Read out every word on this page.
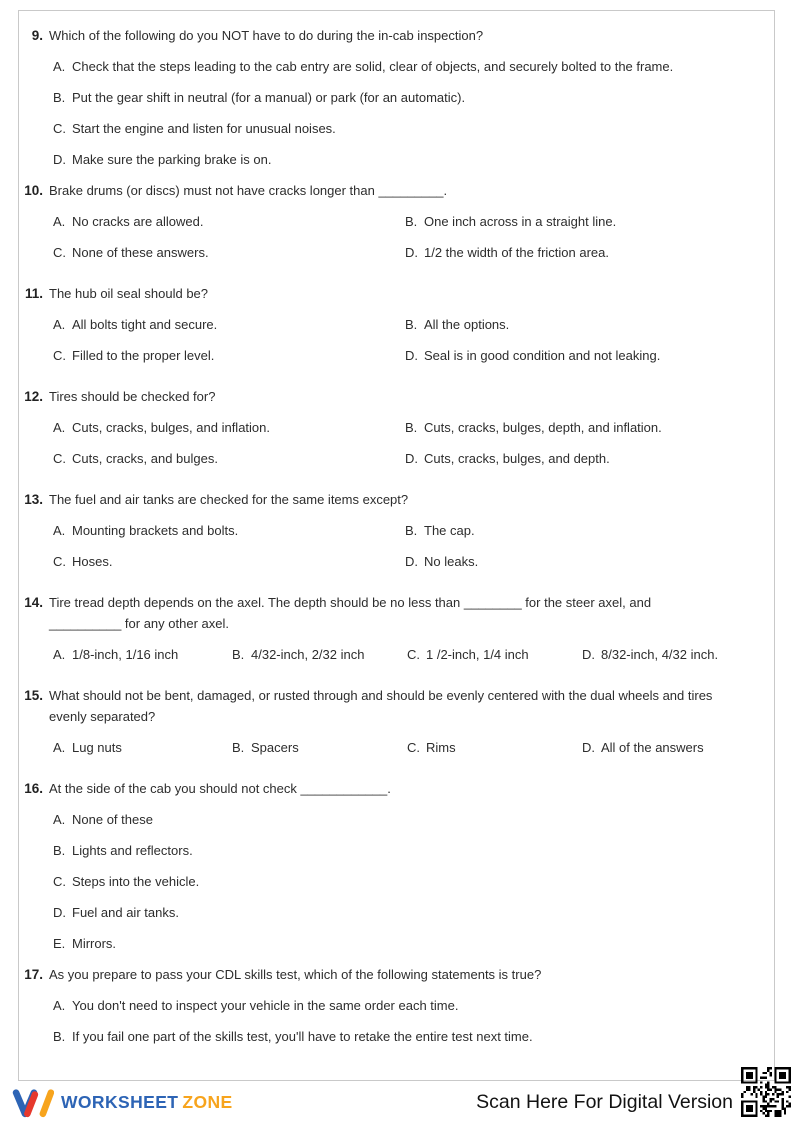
9. Which of the following do you NOT have to do during the in-cab inspection?
A. Check that the steps leading to the cab entry are solid, clear of objects, and securely bolted to the frame.
B. Put the gear shift in neutral (for a manual) or park (for an automatic).
C. Start the engine and listen for unusual noises.
D. Make sure the parking brake is on.
10. Brake drums (or discs) must not have cracks longer than _________.
A. No cracks are allowed.	B. One inch across in a straight line.
C. None of these answers.	D. 1/2 the width of the friction area.
11. The hub oil seal should be?
A. All bolts tight and secure.	B. All the options.
C. Filled to the proper level.	D. Seal is in good condition and not leaking.
12. Tires should be checked for?
A. Cuts, cracks, bulges, and inflation.	B. Cuts, cracks, bulges, depth, and inflation.
C. Cuts, cracks, and bulges.	D. Cuts, cracks, bulges, and depth.
13. The fuel and air tanks are checked for the same items except?
A. Mounting brackets and bolts.	B. The cap.
C. Hoses.	D. No leaks.
14. Tire tread depth depends on the axel. The depth should be no less than ________ for the steer axel, and __________ for any other axel.
A. 1/8-inch, 1/16 inch	B. 4/32-inch, 2/32 inch	C. 1 /2-inch, 1/4 inch	D. 8/32-inch, 4/32 inch.
15. What should not be bent, damaged, or rusted through and should be evenly centered with the dual wheels and tires evenly separated?
A. Lug nuts	B. Spacers	C. Rims	D. All of the answers
16. At the side of the cab you should not check ____________.
A. None of these
B. Lights and reflectors.
C. Steps into the vehicle.
D. Fuel and air tanks.
E. Mirrors.
17. As you prepare to pass your CDL skills test, which of the following statements is true?
A. You don't need to inspect your vehicle in the same order each time.
B. If you fail one part of the skills test, you'll have to retake the entire test next time.
WORKSHEET ZONE	Scan Here For Digital Version
